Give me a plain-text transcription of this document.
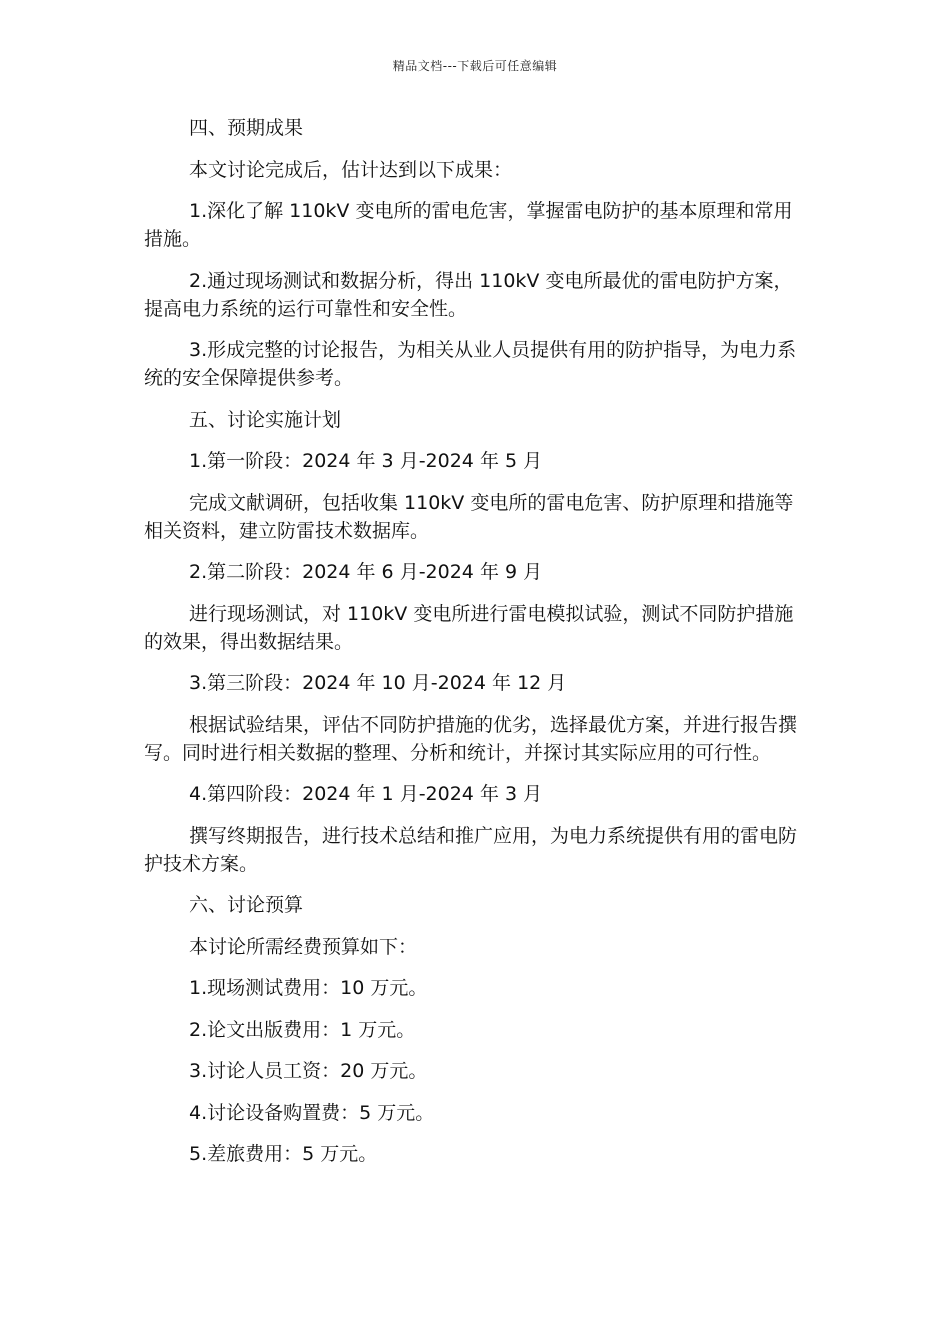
精品文档---下载后可任意编辑

四、预期成果

本文讨论完成后，估计达到以下成果：

1.深化了解 110kV 变电所的雷电危害，掌握雷电防护的基本原理和常用措施。

2.通过现场测试和数据分析，得出 110kV 变电所最优的雷电防护方案，提高电力系统的运行可靠性和安全性。

3.形成完整的讨论报告，为相关从业人员提供有用的防护指导，为电力系统的安全保障提供参考。

五、讨论实施计划

1.第一阶段：2024 年 3 月-2024 年 5 月

完成文献调研，包括收集 110kV 变电所的雷电危害、防护原理和措施等相关资料，建立防雷技术数据库。

2.第二阶段：2024 年 6 月-2024 年 9 月

进行现场测试，对 110kV 变电所进行雷电模拟试验，测试不同防护措施的效果，得出数据结果。

3.第三阶段：2024 年 10 月-2024 年 12 月

根据试验结果，评估不同防护措施的优劣，选择最优方案，并进行报告撰写。同时进行相关数据的整理、分析和统计，并探讨其实际应用的可行性。

4.第四阶段：2024 年 1 月-2024 年 3 月

撰写终期报告，进行技术总结和推广应用，为电力系统提供有用的雷电防护技术方案。

六、讨论预算

本讨论所需经费预算如下：

1.现场测试费用：10 万元。

2.论文出版费用：1 万元。

3.讨论人员工资：20 万元。

4.讨论设备购置费：5 万元。

5.差旅费用：5 万元。
